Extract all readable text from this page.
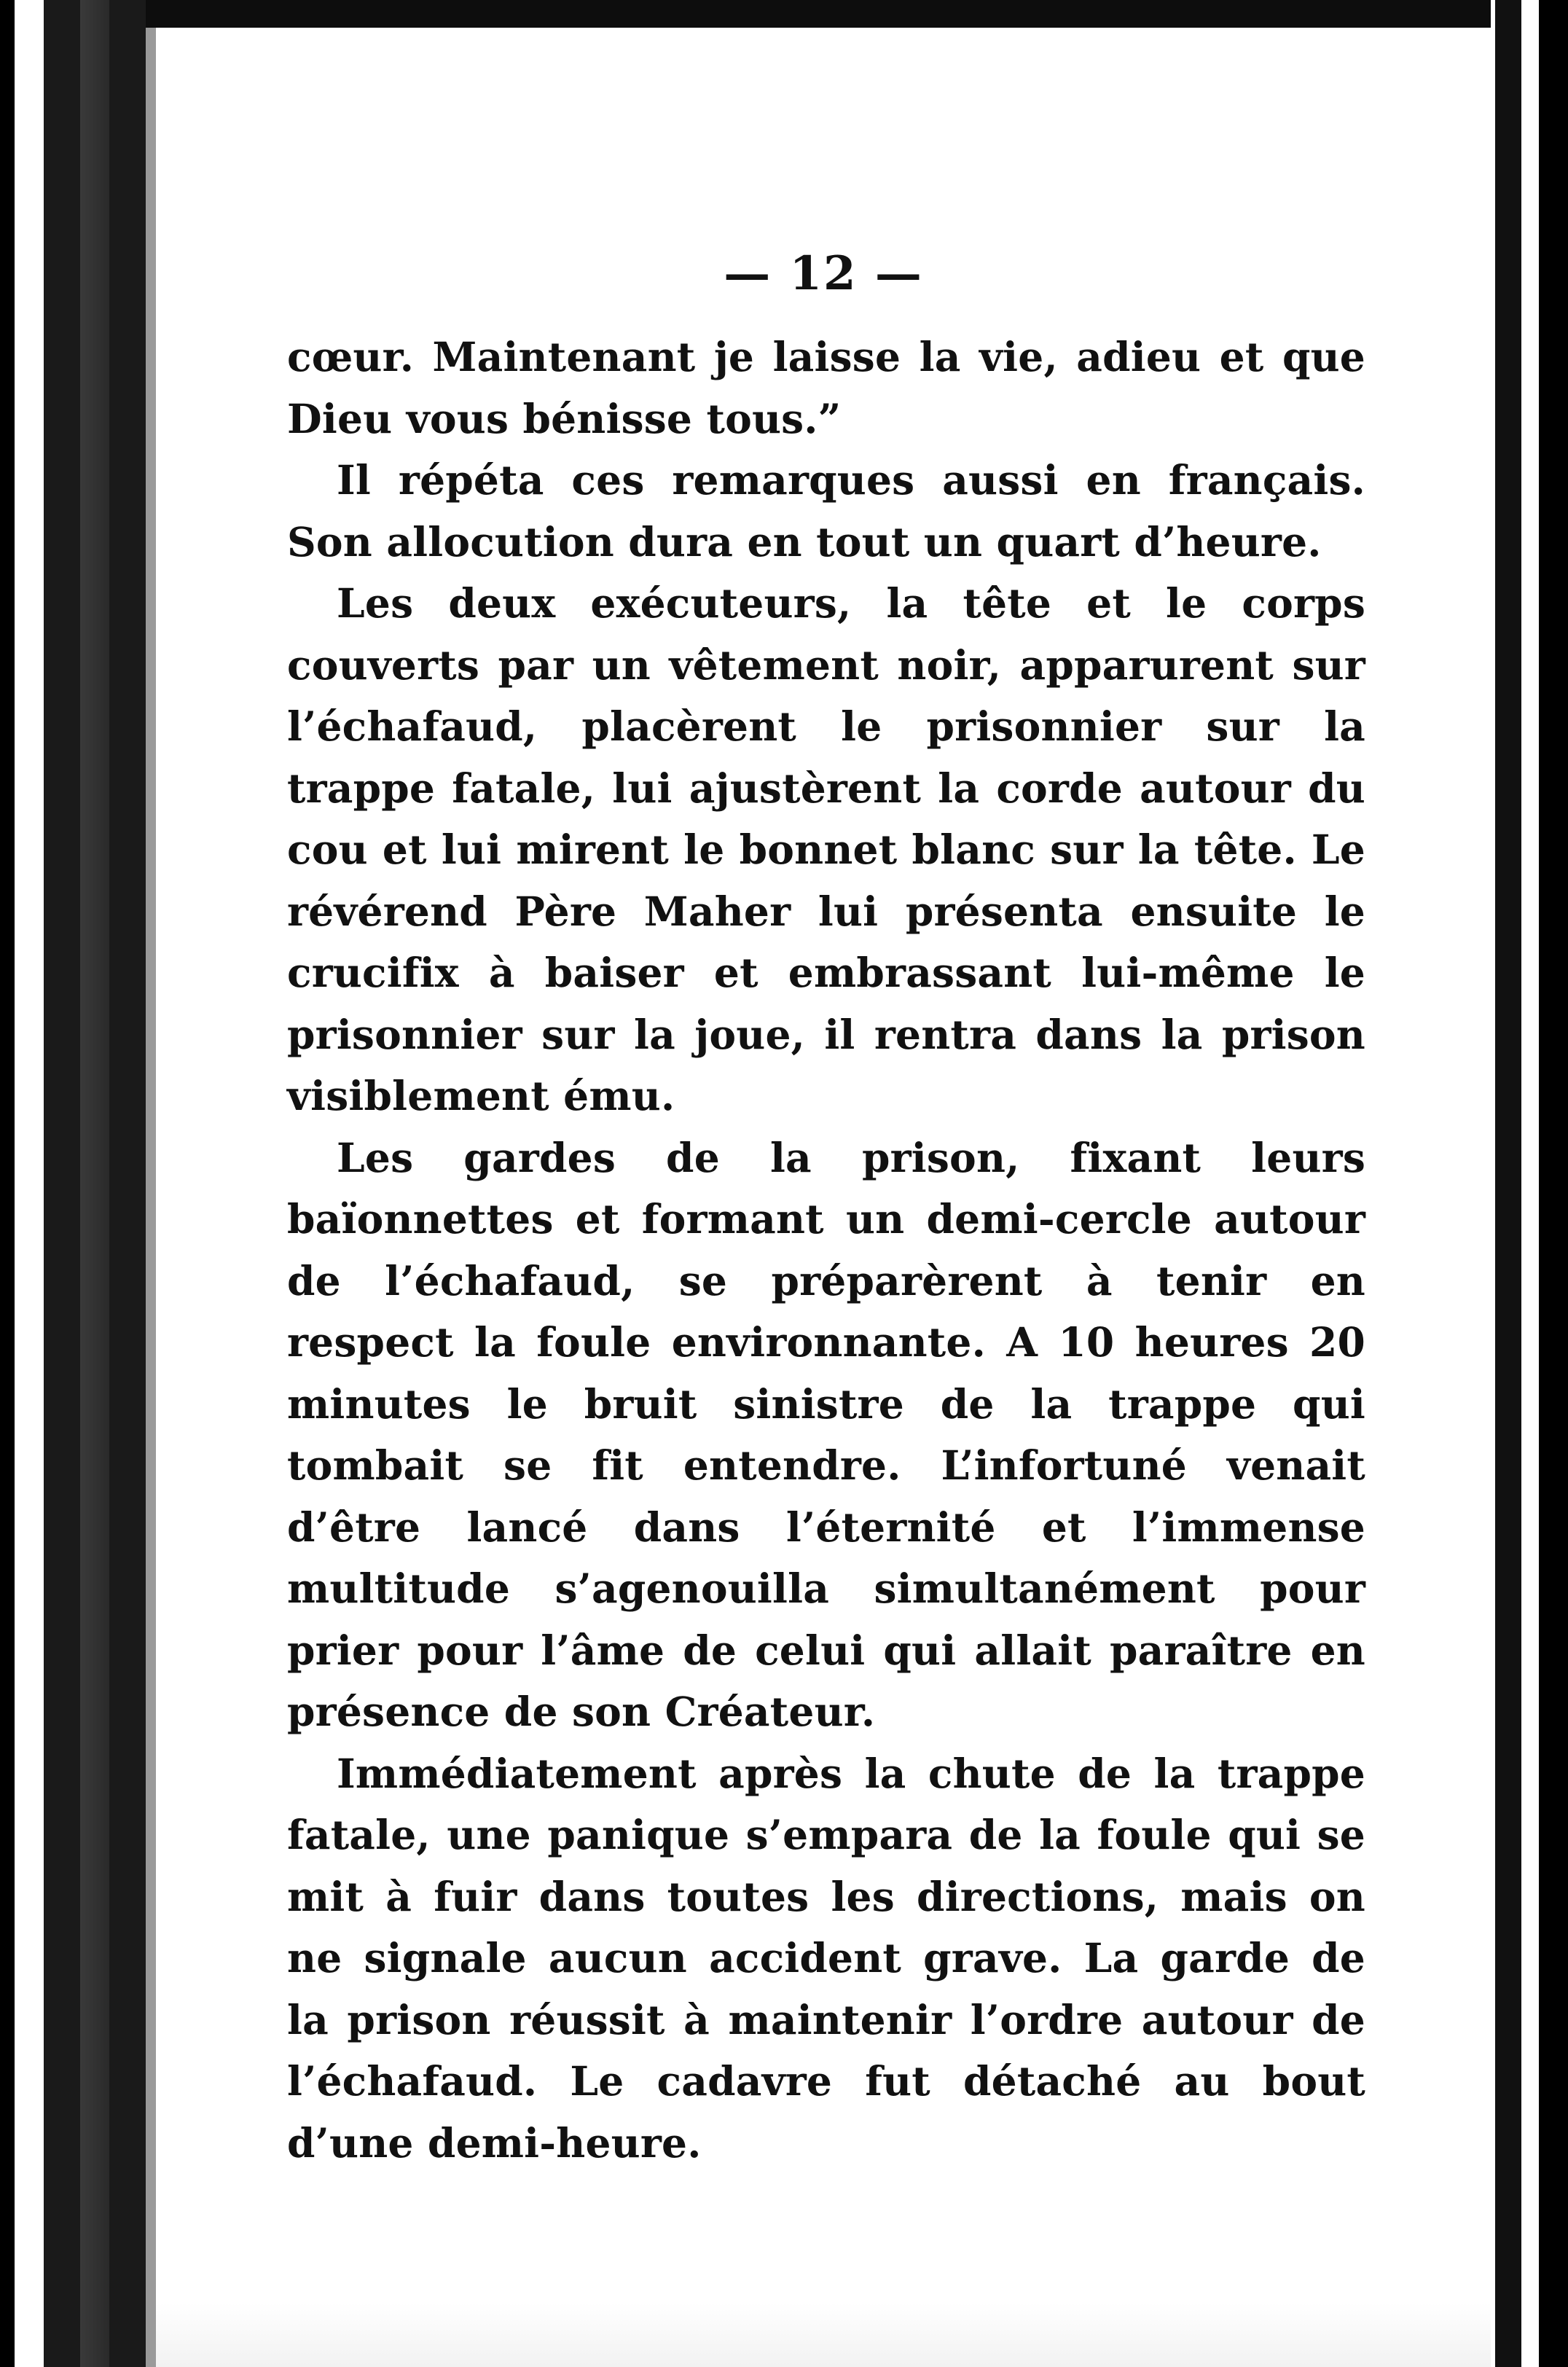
— 12 —

cœur. Maintenant je laisse la vie, adieu et que Dieu vous bénisse tous.”

Il répéta ces remarques aussi en français. Son allocution dura en tout un quart d’heure.

Les deux exécuteurs, la tête et le corps couverts par un vêtement noir, apparurent sur l’échafaud, placèrent le prisonnier sur la trappe fatale, lui ajustèrent la corde autour du cou et lui mirent le bonnet blanc sur la tête. Le révérend Père Maher lui présenta ensuite le crucifix à baiser et embrassant lui-même le prisonnier sur la joue, il rentra dans la prison visiblement ému.

Les gardes de la prison, fixant leurs baïonnettes et formant un demi-cercle autour de l’échafaud, se préparèrent à tenir en respect la foule environnante. A 10 heures 20 minutes le bruit sinistre de la trappe qui tombait se fit entendre. L’infortuné venait d’être lancé dans l’éternité et l’immense multitude s’agenouilla simultanément pour prier pour l’âme de celui qui allait paraître en présence de son Créateur.

Immédiatement après la chute de la trappe fatale, une panique s’empara de la foule qui se mit à fuir dans toutes les directions, mais on ne signale aucun accident grave. La garde de la prison réussit à maintenir l’ordre autour de l’échafaud. Le cadavre fut détaché au bout d’une demi-heure.
